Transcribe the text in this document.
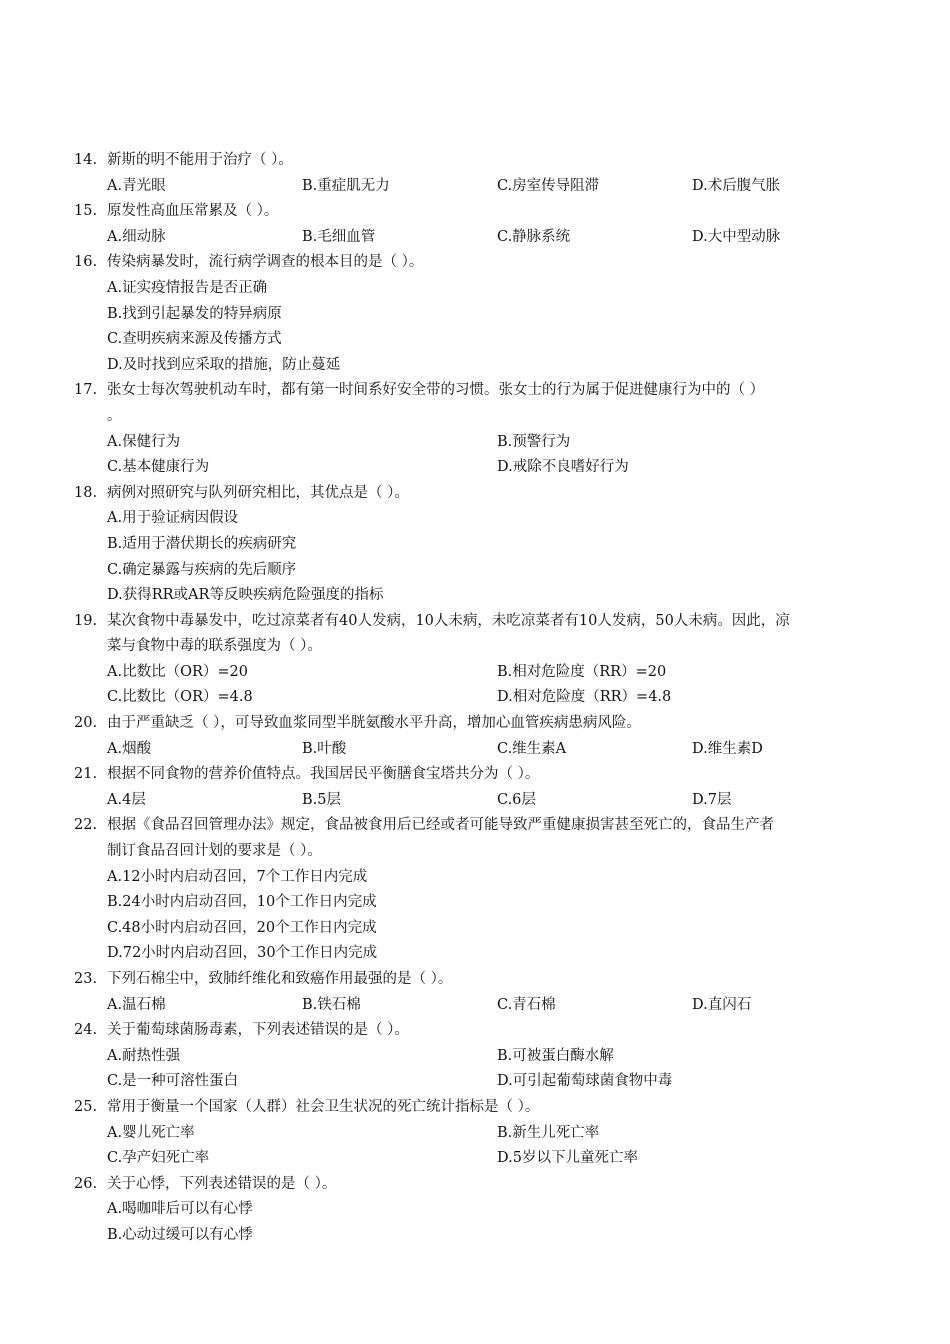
14. 新斯的明不能用于治疗（ ）。
A.青光眼	B.重症肌无力	C.房室传导阻滞	D.术后腹气胀
15. 原发性高血压常累及（ ）。
A.细动脉	B.毛细血管	C.静脉系统	D.大中型动脉
16. 传染病暴发时，流行病学调查的根本目的是（ ）。
A.证实疫情报告是否正确
B.找到引起暴发的特异病原
C.查明疾病来源及传播方式
D.及时找到应采取的措施，防止蔓延
17. 张女士每次驾驶机动车时，都有第一时间系好安全带的习惯。张女士的行为属于促进健康行为中的（ ）
。
A.保健行为	B.预警行为
C.基本健康行为	D.戒除不良嗜好行为
18. 病例对照研究与队列研究相比，其优点是（ ）。
A.用于验证病因假设
B.适用于潜伏期长的疾病研究
C.确定暴露与疾病的先后顺序
D.获得RR或AR等反映疾病危险强度的指标
19. 某次食物中毒暴发中，吃过凉菜者有40人发病，10人未病，未吃凉菜者有10人发病，50人未病。因此，凉
菜与食物中毒的联系强度为（ ）。
A.比数比（OR）=20	B.相对危险度（RR）=20
C.比数比（OR）=4.8	D.相对危险度（RR）=4.8
20. 由于严重缺乏（ ），可导致血浆同型半胱氨酸水平升高，增加心血管疾病患病风险。
A.烟酸	B.叶酸	C.维生素A	D.维生素D
21. 根据不同食物的营养价值特点。我国居民平衡膳食宝塔共分为（ ）。
A.4层	B.5层	C.6层	D.7层
22. 根据《食品召回管理办法》规定，食品被食用后已经或者可能导致严重健康损害甚至死亡的，食品生产者
制订食品召回计划的要求是（ ）。
A.12小时内启动召回，7个工作日内完成
B.24小时内启动召回，10个工作日内完成
C.48小时内启动召回，20个工作日内完成
D.72小时内启动召回，30个工作日内完成
23. 下列石棉尘中，致肺纤维化和致癌作用最强的是（ ）。
A.温石棉	B.铁石棉	C.青石棉	D.直闪石
24. 关于葡萄球菌肠毒素，下列表述错误的是（ ）。
A.耐热性强	B.可被蛋白酶水解
C.是一种可溶性蛋白	D.可引起葡萄球菌食物中毒
25. 常用于衡量一个国家（人群）社会卫生状况的死亡统计指标是（ ）。
A.婴儿死亡率	B.新生儿死亡率
C.孕产妇死亡率	D.5岁以下儿童死亡率
26. 关于心悸，下列表述错误的是（ ）。
A.喝咖啡后可以有心悸
B.心动过缓可以有心悸
